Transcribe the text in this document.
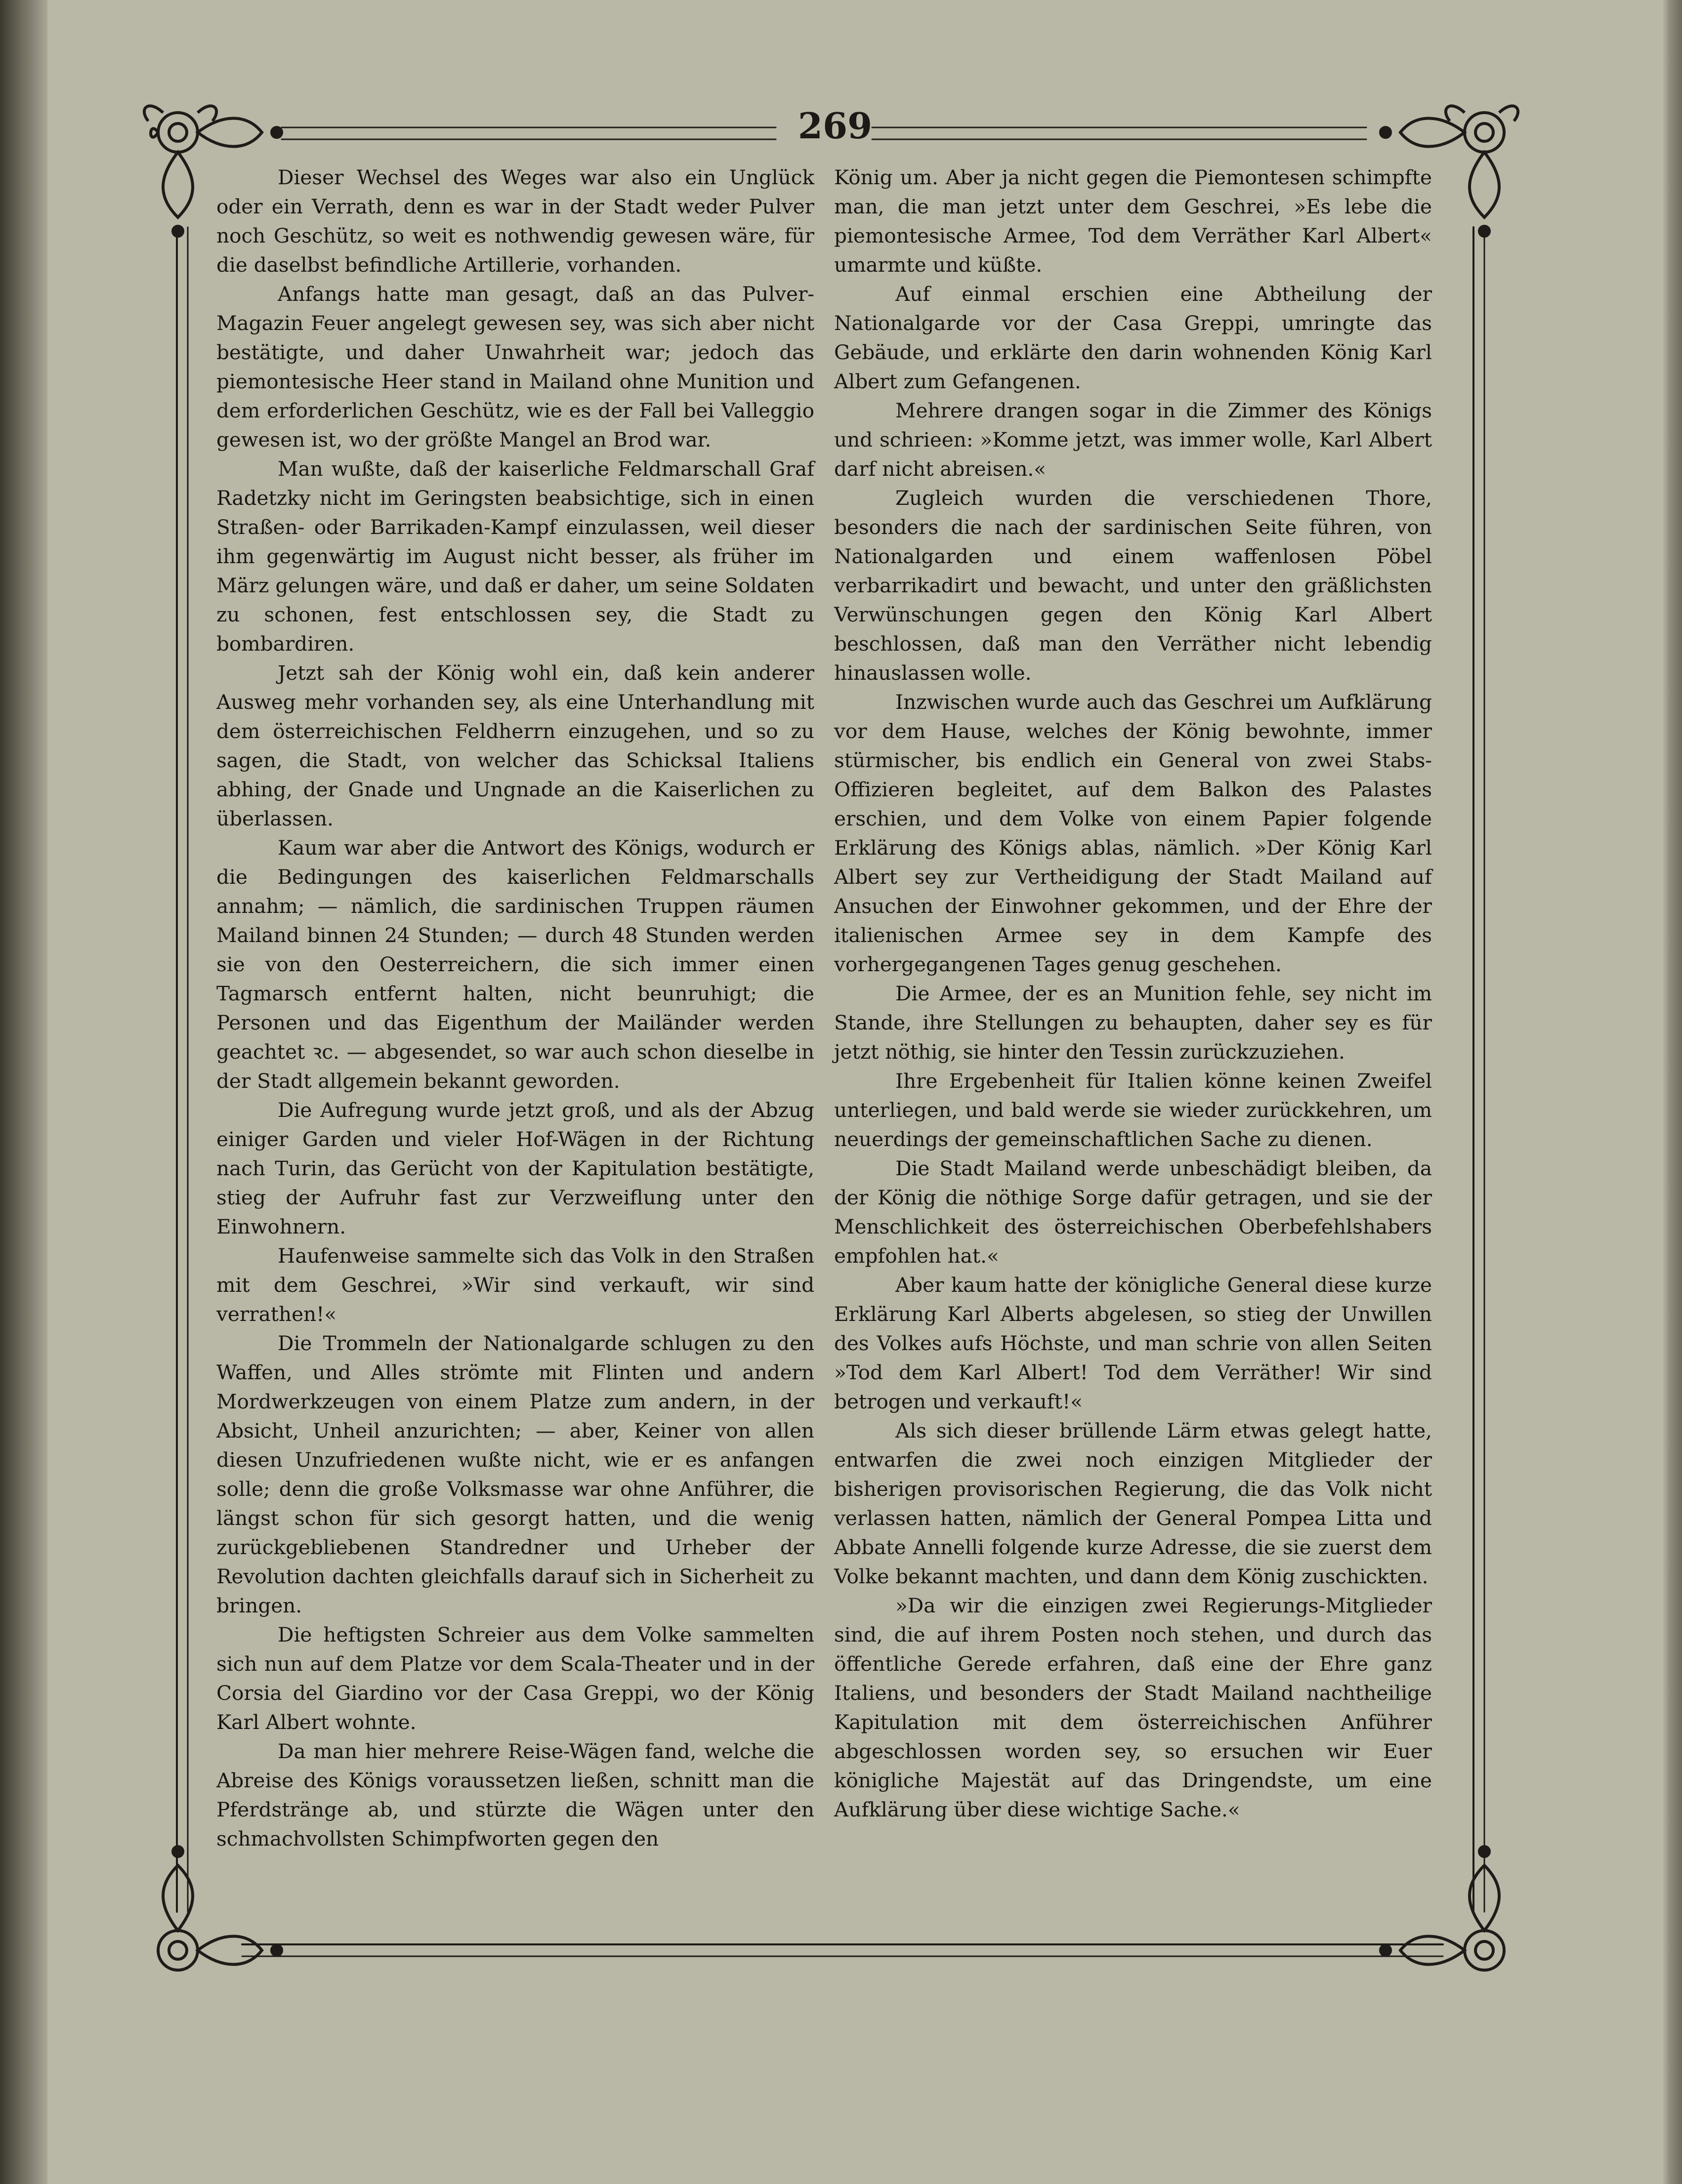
269

Dieser Wechsel des Weges war also ein Unglück oder ein Verrath, denn es war in der Stadt weder Pulver noch Geschütz, so weit es nothwendig gewesen wäre, für die daselbst befindliche Artillerie, vorhanden.

Anfangs hatte man gesagt, daß an das Pulver-Magazin Feuer angelegt gewesen sey, was sich aber nicht bestätigte, und daher Unwahrheit war; jedoch das piemontesische Heer stand in Mailand ohne Munition und dem erforderlichen Geschütz, wie es der Fall bei Valleggio gewesen ist, wo der größte Mangel an Brod war.

Man wußte, daß der kaiserliche Feldmarschall Graf Radetzky nicht im Geringsten beabsichtige, sich in einen Straßen- oder Barrikaden-Kampf einzulassen, weil dieser ihm gegenwärtig im August nicht besser, als früher im März gelungen wäre, und daß er daher, um seine Soldaten zu schonen, fest entschlossen sey, die Stadt zu bombardiren.

Jetzt sah der König wohl ein, daß kein anderer Ausweg mehr vorhanden sey, als eine Unterhandlung mit dem österreichischen Feldherrn einzugehen, und so zu sagen, die Stadt, von welcher das Schicksal Italiens abhing, der Gnade und Ungnade an die Kaiserlichen zu überlassen.

Kaum war aber die Antwort des Königs, wodurch er die Bedingungen des kaiserlichen Feldmarschalls annahm; — nämlich, die sardinischen Truppen räumen Mailand binnen 24 Stunden; — durch 48 Stunden werden sie von den Oesterreichern, die sich immer einen Tagmarsch entfernt halten, nicht beunruhigt; die Personen und das Eigenthum der Mailänder werden geachtet ꝛc. — abgesendet, so war auch schon dieselbe in der Stadt allgemein bekannt geworden.

Die Aufregung wurde jetzt groß, und als der Abzug einiger Garden und vieler Hof-Wägen in der Richtung nach Turin, das Gerücht von der Kapitulation bestätigte, stieg der Aufruhr fast zur Verzweiflung unter den Einwohnern.

Haufenweise sammelte sich das Volk in den Straßen mit dem Geschrei, »Wir sind verkauft, wir sind verrathen!«

Die Trommeln der Nationalgarde schlugen zu den Waffen, und Alles strömte mit Flinten und andern Mordwerkzeugen von einem Platze zum andern, in der Absicht, Unheil anzurichten; — aber, Keiner von allen diesen Unzufriedenen wußte nicht, wie er es anfangen solle; denn die große Volksmasse war ohne Anführer, die längst schon für sich gesorgt hatten, und die wenig zurückgebliebenen Standredner und Urheber der Revolution dachten gleichfalls darauf sich in Sicherheit zu bringen.

Die heftigsten Schreier aus dem Volke sammelten sich nun auf dem Platze vor dem Scala-Theater und in der Corsia del Giardino vor der Casa Greppi, wo der König Karl Albert wohnte.

Da man hier mehrere Reise-Wägen fand, welche die Abreise des Königs voraussetzen ließen, schnitt man die Pferdstränge ab, und stürzte die Wägen unter den schmachvollsten Schimpfworten gegen den

König um. Aber ja nicht gegen die Piemontesen schimpfte man, die man jetzt unter dem Geschrei, »Es lebe die piemontesische Armee, Tod dem Verräther Karl Albert« umarmte und küßte.

Auf einmal erschien eine Abtheilung der Nationalgarde vor der Casa Greppi, umringte das Gebäude, und erklärte den darin wohnenden König Karl Albert zum Gefangenen.

Mehrere drangen sogar in die Zimmer des Königs und schrieen: »Komme jetzt, was immer wolle, Karl Albert darf nicht abreisen.«

Zugleich wurden die verschiedenen Thore, besonders die nach der sardinischen Seite führen, von Nationalgarden und einem waffenlosen Pöbel verbarrikadirt und bewacht, und unter den gräßlichsten Verwünschungen gegen den König Karl Albert beschlossen, daß man den Verräther nicht lebendig hinauslassen wolle.

Inzwischen wurde auch das Geschrei um Aufklärung vor dem Hause, welches der König bewohnte, immer stürmischer, bis endlich ein General von zwei Stabs-Offizieren begleitet, auf dem Balkon des Palastes erschien, und dem Volke von einem Papier folgende Erklärung des Königs ablas, nämlich. »Der König Karl Albert sey zur Vertheidigung der Stadt Mailand auf Ansuchen der Einwohner gekommen, und der Ehre der italienischen Armee sey in dem Kampfe des vorhergegangenen Tages genug geschehen.

Die Armee, der es an Munition fehle, sey nicht im Stande, ihre Stellungen zu behaupten, daher sey es für jetzt nöthig, sie hinter den Tessin zurückzuziehen.

Ihre Ergebenheit für Italien könne keinen Zweifel unterliegen, und bald werde sie wieder zurückkehren, um neuerdings der gemeinschaftlichen Sache zu dienen.

Die Stadt Mailand werde unbeschädigt bleiben, da der König die nöthige Sorge dafür getragen, und sie der Menschlichkeit des österreichischen Oberbefehlshabers empfohlen hat.«

Aber kaum hatte der königliche General diese kurze Erklärung Karl Alberts abgelesen, so stieg der Unwillen des Volkes aufs Höchste, und man schrie von allen Seiten »Tod dem Karl Albert! Tod dem Verräther! Wir sind betrogen und verkauft!«

Als sich dieser brüllende Lärm etwas gelegt hatte, entwarfen die zwei noch einzigen Mitglieder der bisherigen provisorischen Regierung, die das Volk nicht verlassen hatten, nämlich der General Pompea Litta und Abbate Annelli folgende kurze Adresse, die sie zuerst dem Volke bekannt machten, und dann dem König zuschickten.

»Da wir die einzigen zwei Regierungs-Mitglieder sind, die auf ihrem Posten noch stehen, und durch das öffentliche Gerede erfahren, daß eine der Ehre ganz Italiens, und besonders der Stadt Mailand nachtheilige Kapitulation mit dem österreichischen Anführer abgeschlossen worden sey, so ersuchen wir Euer königliche Majestät auf das Dringendste, um eine Aufklärung über diese wichtige Sache.«
